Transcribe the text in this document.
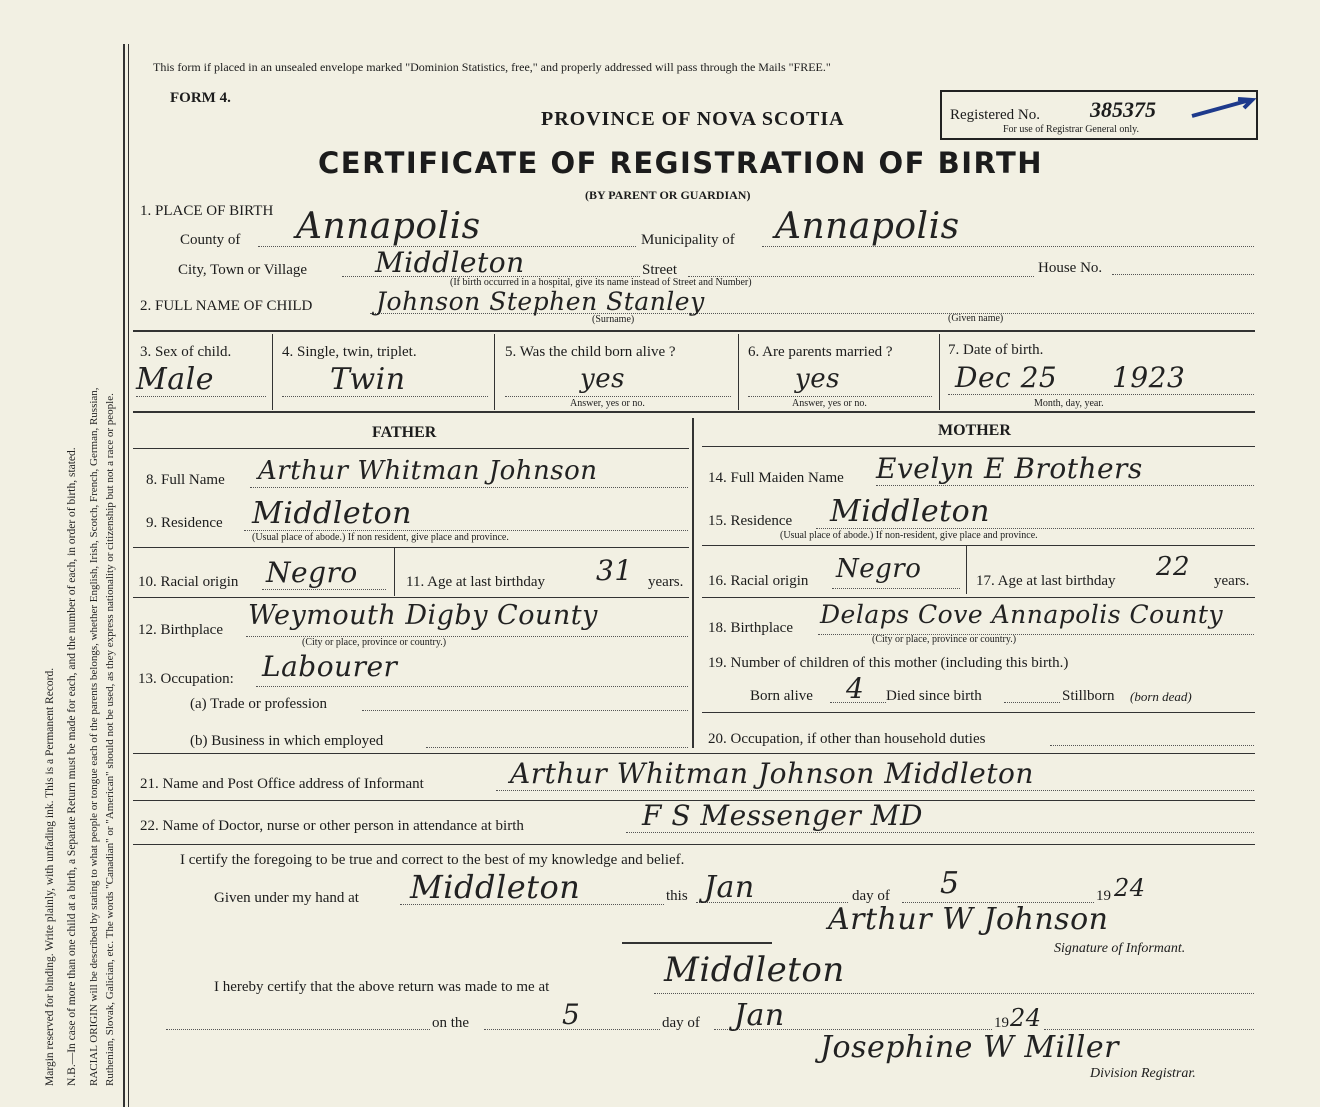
Margin reserved for binding. Write plainly, with unfading ink. This is a Permanent Record. N.B.—In case of more than one child at a birth, a Separate Return must be made for each, and the number of each, in order of birth, stated. RACIAL ORIGIN will be described by stating to what people or tongue each of the parents belongs, whether English, Irish, Scotch, French, German, Russian, Ruthenian, Slovak, Galician, etc. The words "Canadian" or "American" should not be used, as they express nationality or citizenship but not a race or people.
This form if placed in an unsealed envelope marked "Dominion Statistics, free," and properly addressed will pass through the Mails "FREE."
FORM 4.
PROVINCE OF NOVA SCOTIA
CERTIFICATE OF REGISTRATION OF BIRTH
(BY PARENT OR GUARDIAN)
Registered No. 385375
For use of Registrar General only.
1. PLACE OF BIRTH
County of Annapolis	Municipality of Annapolis
City, Town or Village Middleton	Street	House No.
(If birth occurred in a hospital, give its name instead of Street and Number)
2. FULL NAME OF CHILD	Johnson Stephen Stanley
(Surname)	(Given name)
3. Sex of child.
Male
4. Single, twin, triplet.
Twin
5. Was the child born alive ?
yes
Answer, yes or no.
6. Are parents married ?
yes
Answer, yes or no.
7. Date of birth.
Dec 25 1923
Month, day, year.
FATHER	MOTHER
8. Full Name Arthur Whitman Johnson	14. Full Maiden Name Evelyn E Brothers
9. Residence Middleton
(Usual place of abode.) If non resident, give place and province.
15. Residence Middleton
(Usual place of abode.) If non-resident, give place and province.
10. Racial origin Negro	11. Age at last birthday 31 years. 16. Racial origin Negro	17. Age at last birthday 22 years.
12. Birthplace Weymouth Digby County
(City or place, province or country.)
18. Birthplace Delaps Cove Annapolis County
(City or place, province or country.)
13. Occupation: Labourer
(a) Trade or profession
(b) Business in which employed
19. Number of children of this mother (including this birth.)
Born alive 4 Died since birth	Stillborn (born dead)
20. Occupation, if other than household duties
21. Name and Post Office address of Informant	Arthur Whitman Johnson Middleton
22. Name of Doctor, nurse or other person in attendance at birth	F S Messenger MD
I certify the foregoing to be true and correct to the best of my knowledge and belief.
Given under my hand at Middleton	this Jan	day of 5	19 24
Arthur W Johnson
Signature of Informant.
I hereby certify that the above return was made to me at	Middleton
on the	5	day of Jan	19 24
Josephine W Miller
Division Registrar.
